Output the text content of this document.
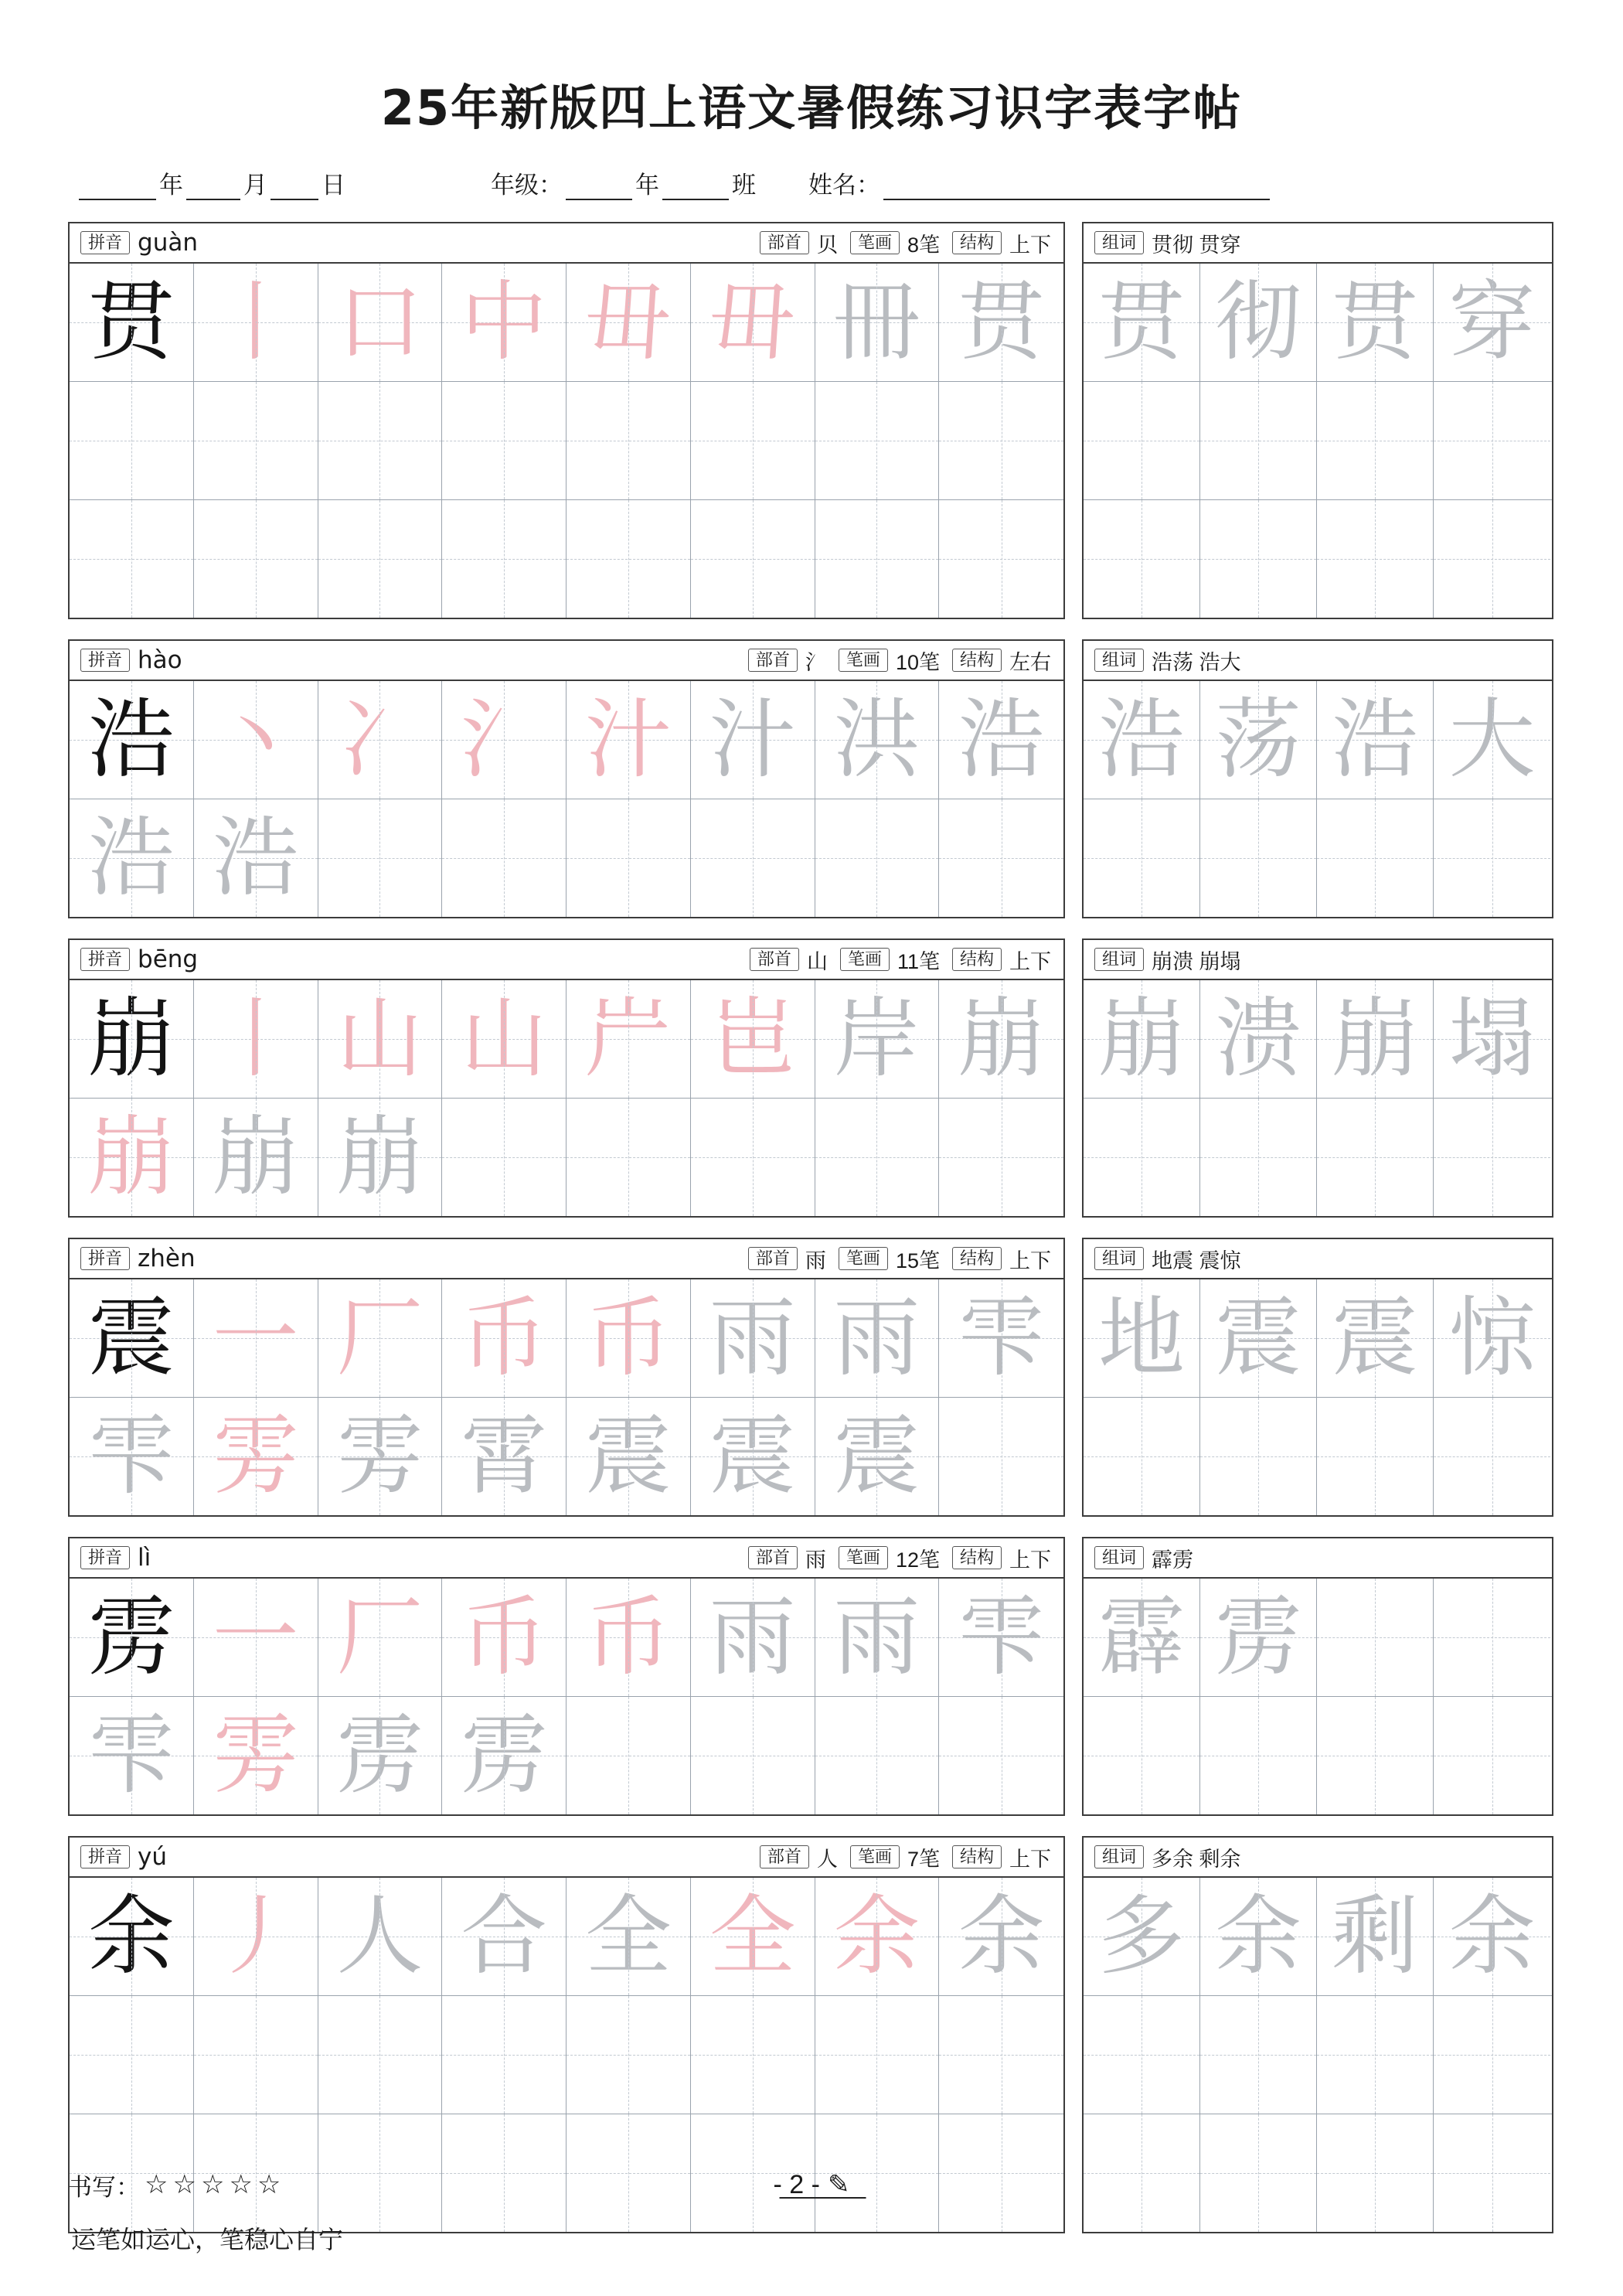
25年新版四上语文暑假练习识字表字帖
年	月 日	年级：	年	班 姓名：
拼音 guàn	部首 贝	笔画 8笔	结构 上下
贯 丨 口 中 毌 毌 冊 贯
组词 贯彻 贯穿
贯 彻 贯 穿
拼音 hào	部首 氵	笔画 10笔	结构 左右
浩 丶 冫 氵 汁 汁 洪 浩
浩 浩
组词 浩荡 浩大
浩 荡 浩 大
拼音 bēng	部首 山	笔画 11笔	结构 上下
崩 丨 山 山 屵 岜 岸 崩
崩 崩 崩
组词 崩溃 崩塌
崩 溃 崩 塌
拼音 zhèn	部首 雨	笔画 15笔	结构 上下
震 一 厂 币 币 雨 雨 雫
雫 雱 雱 霄 震 震 震
组词 地震 震惊
地 震 震 惊
拼音 lì	部首 雨	笔画 12笔	结构 上下
雳 一 厂 币 币 雨 雨 雫
雫 雱 雳 雳
组词 霹雳
霹 雳
拼音 yú	部首 人	笔画 7笔	结构 上下
余 丿 人 合 全 全 余 余
组词 多余 剩余
多 余 剩 余
书写： ☆☆☆☆☆	- 2 - ✎
运笔如运心，笔稳心自宁
